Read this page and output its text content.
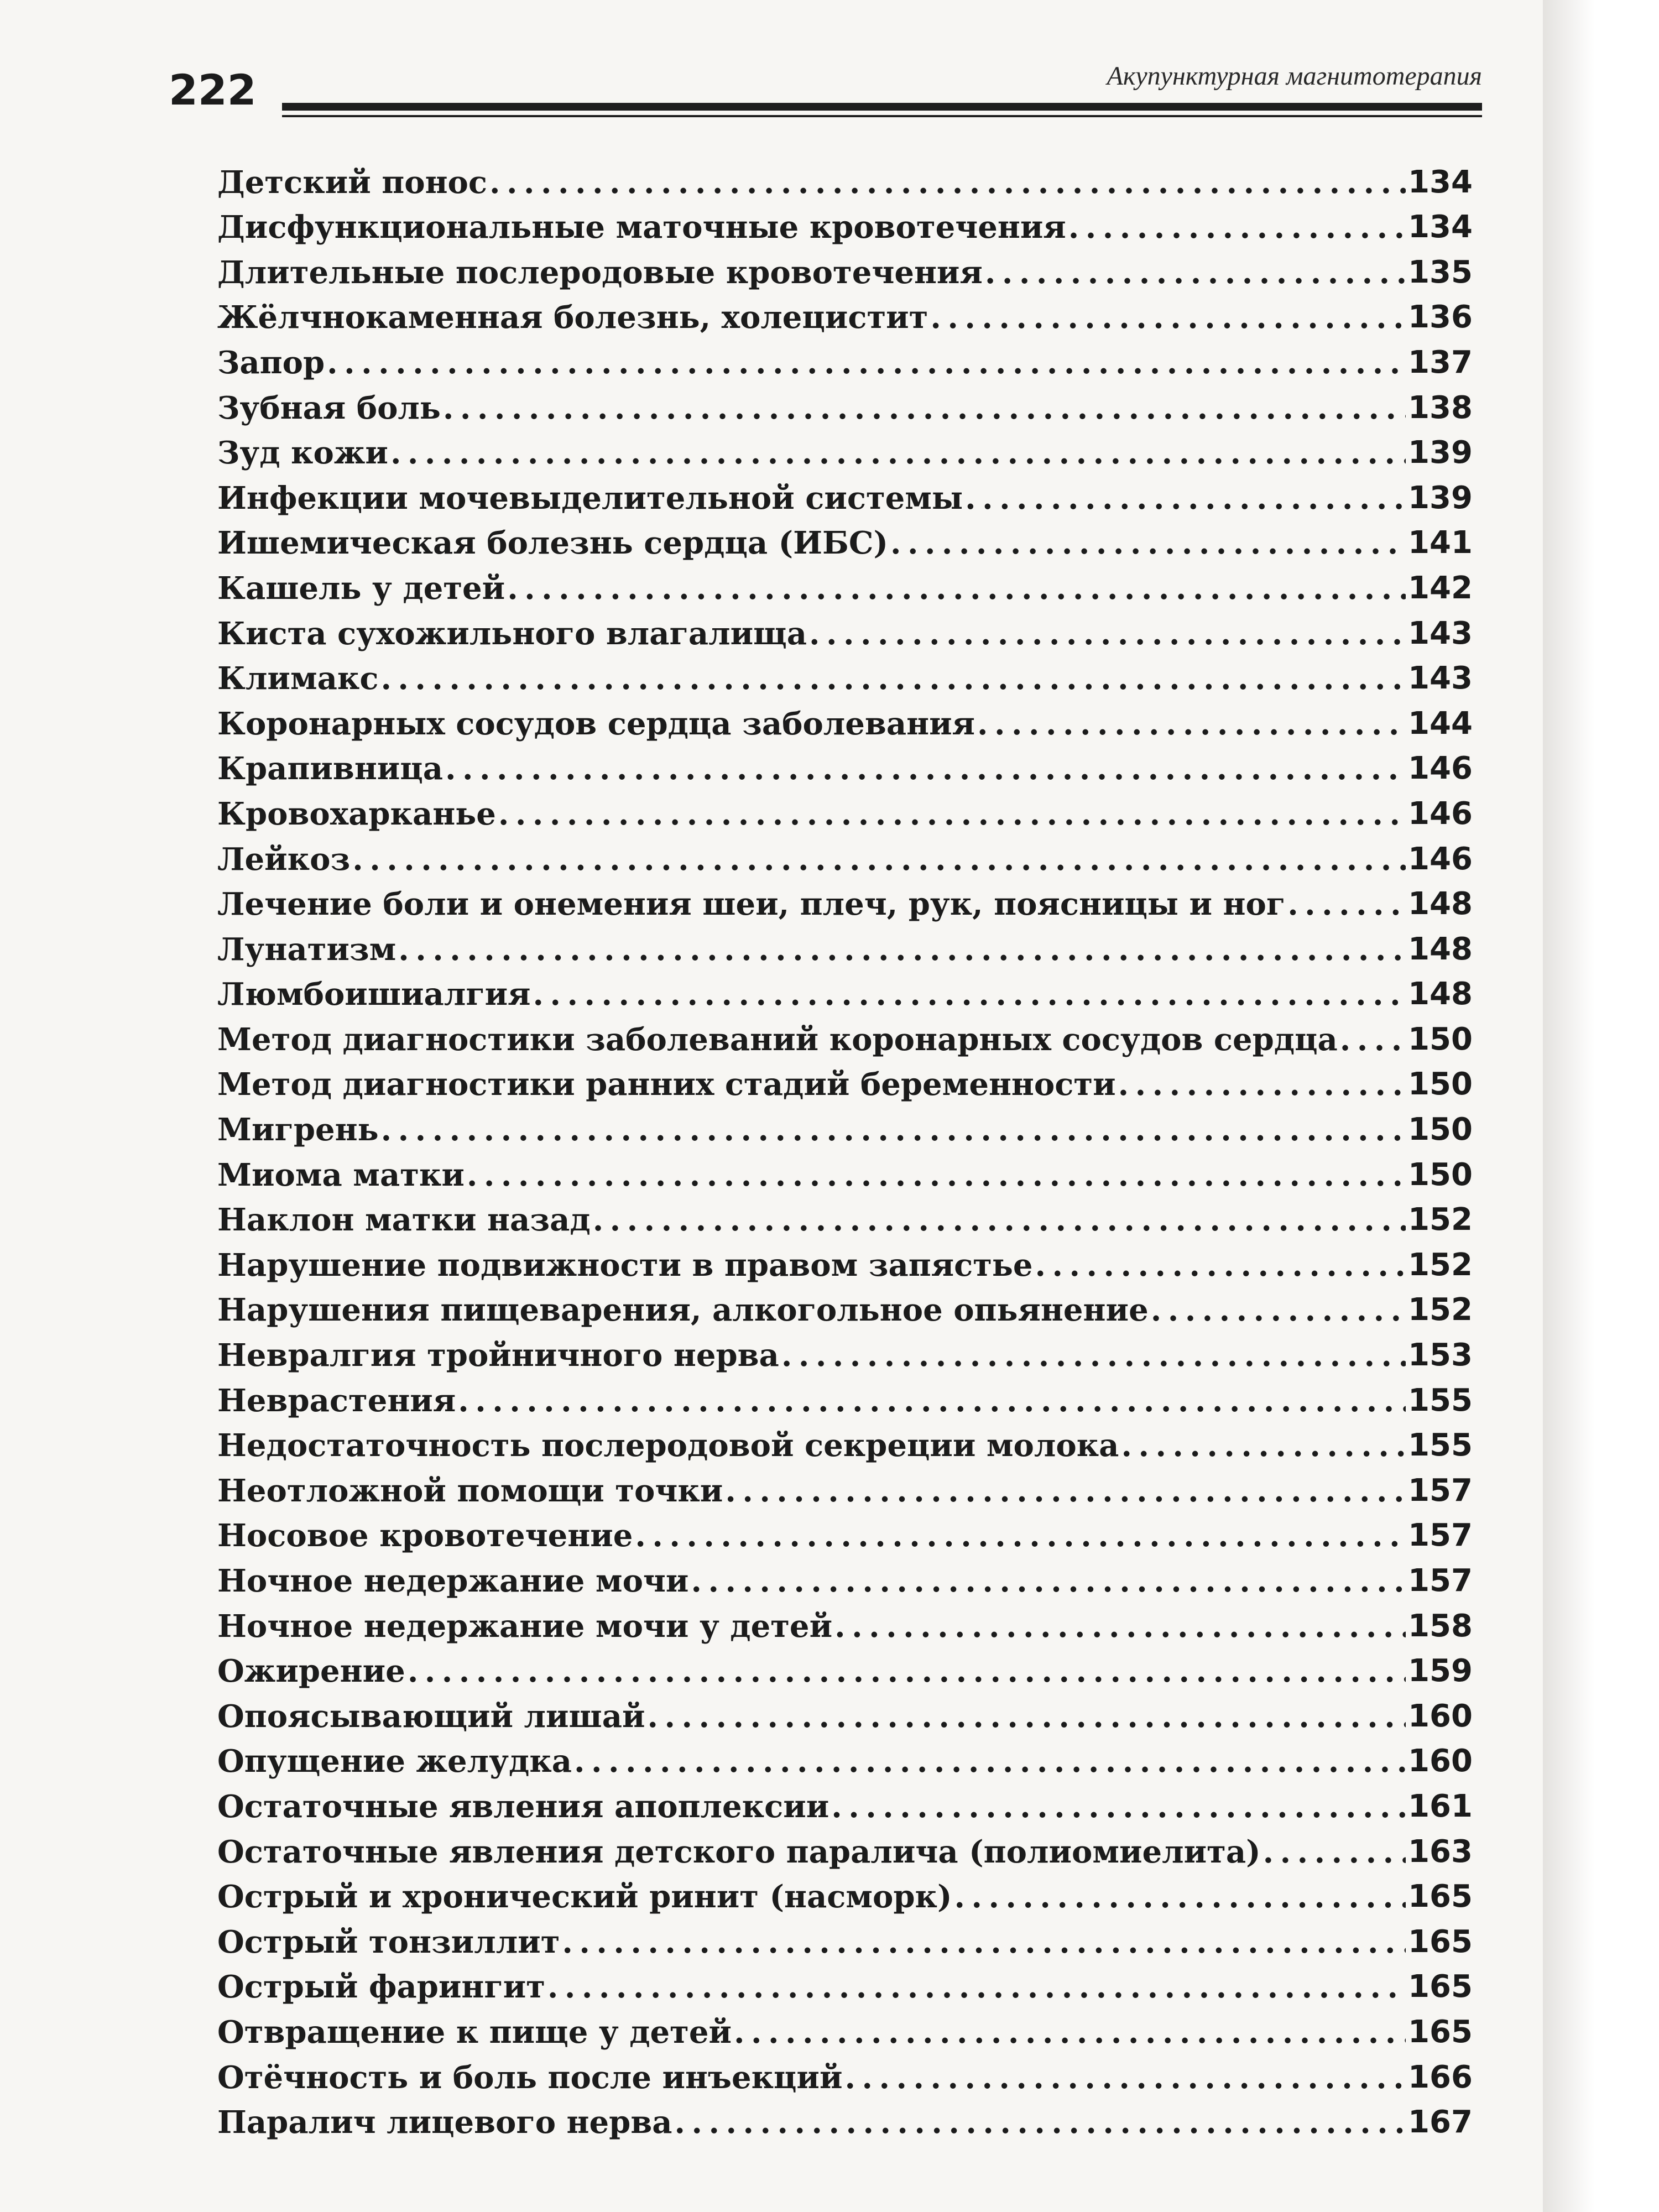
222	Акупунктурная магнитотерапия
Детский понос . . .	134
Дисфункциональные маточные кровотечения . . .	134
Длительные послеродовые кровотечения . . .	135
Жёлчнокаменная болезнь, холецистит . . .	136
Запор . . .	137
Зубная боль . . .	138
Зуд кожи . . .	139
Инфекции мочевыделительной системы . . .	139
Ишемическая болезнь сердца (ИБС) . . .	141
Кашель у детей . . .	142
Киста сухожильного влагалища . . .	143
Климакс . . .	143
Коронарных сосудов сердца заболевания . . .	144
Крапивница . . .	146
Кровохарканье . . .	146
Лейкоз . . .	146
Лечение боли и онемения шеи, плеч, рук, поясницы и ног . . .	148
Лунатизм . . .	148
Люмбоишиалгия . . .	148
Метод диагностики заболеваний коронарных сосудов сердца . . . 150
Метод диагностики ранних стадий беременности . . .	150
Мигрень . . .	150
Миома матки . . .	150
Наклон матки назад . . .	152
Нарушение подвижности в правом запястье . . .	152
Нарушения пищеварения, алкогольное опьянение . . .	152
Невралгия тройничного нерва . . .	153
Неврастения . . .	155
Недостаточность послеродовой секреции молока . . .	155
Неотложной помощи точки . . .	157
Носовое кровотечение . . .	157
Ночное недержание мочи . . .	157
Ночное недержание мочи у детей . . .	158
Ожирение . . .	159
Опоясывающий лишай . . .	160
Опущение желудка . . .	160
Остаточные явления апоплексии . . .	161
Остаточные явления детского паралича (полиомиелита) . . .	163
Острый и хронический ринит (насморк) . . .	165
Острый тонзиллит . . .	165
Острый фарингит . . .	165
Отвращение к пище у детей . . .	165
Отёчность и боль после инъекций . . .	166
Паралич лицевого нерва . . .	167
